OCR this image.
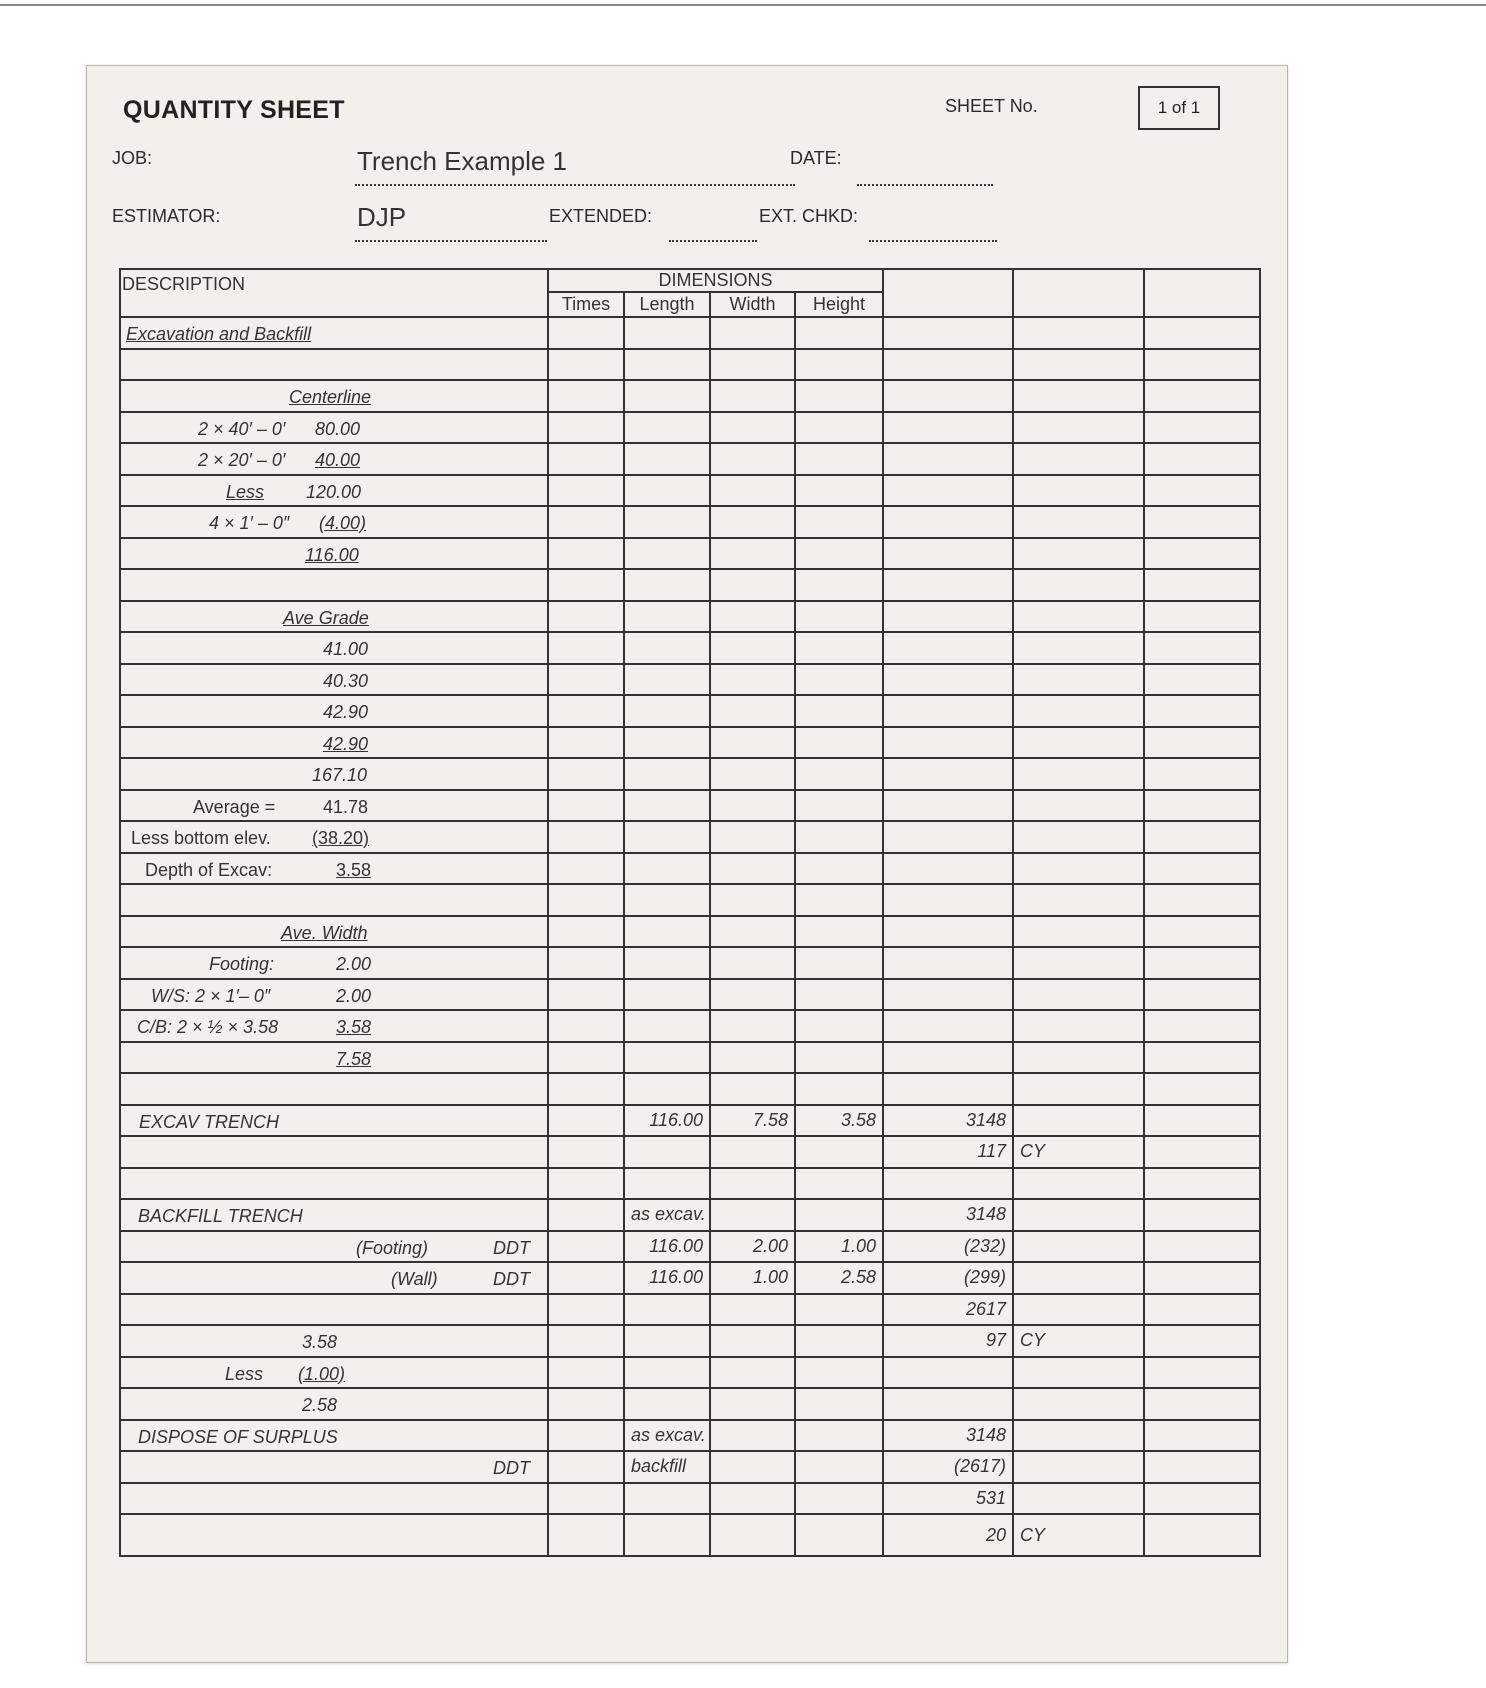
QUANTITY SHEET	SHEET No.	1 of 1
JOB:	Trench Example 1	DATE:
ESTIMATOR:	DJP	EXTENDED:	EXT. CHKD:
DESCRIPTION	DIMENSIONS						
	Times	Length	Width	Height			

Excavation and Backfill							

Centerline							

2 × 40′ – 0′ 80.00							

2 × 20′ – 0′ 40.00							

Less 120.00							

4 × 1′ – 0″ (4.00)							

116.00							

Ave Grade							

41.00							

40.30							

42.90							

42.90							

167.10							

Average = 41.78							

Less bottom elev. (38.20)							

Depth of Excav: 3.58							

Ave. Width							

Footing: 2.00							

W/S: 2 × 1′– 0″ 2.00							

C/B: 2 × ½ × 3.58 3.58							

7.58							

EXCAV TRENCH		116.00	7.58	3.58	3148		
					117	CY	

BACKFILL TRENCH		as excav.			3148		

(Footing) DDT		116.00	2.00	1.00	(232)		

(Wall) DDT		116.00	1.00	2.58	(299)		
					2617		

3.58					97	CY	

Less (1.00)							

2.58							

DISPOSE OF SURPLUS		as excav.			3148		

DDT		backfill			(2617)		
					531		
					20	CY	
